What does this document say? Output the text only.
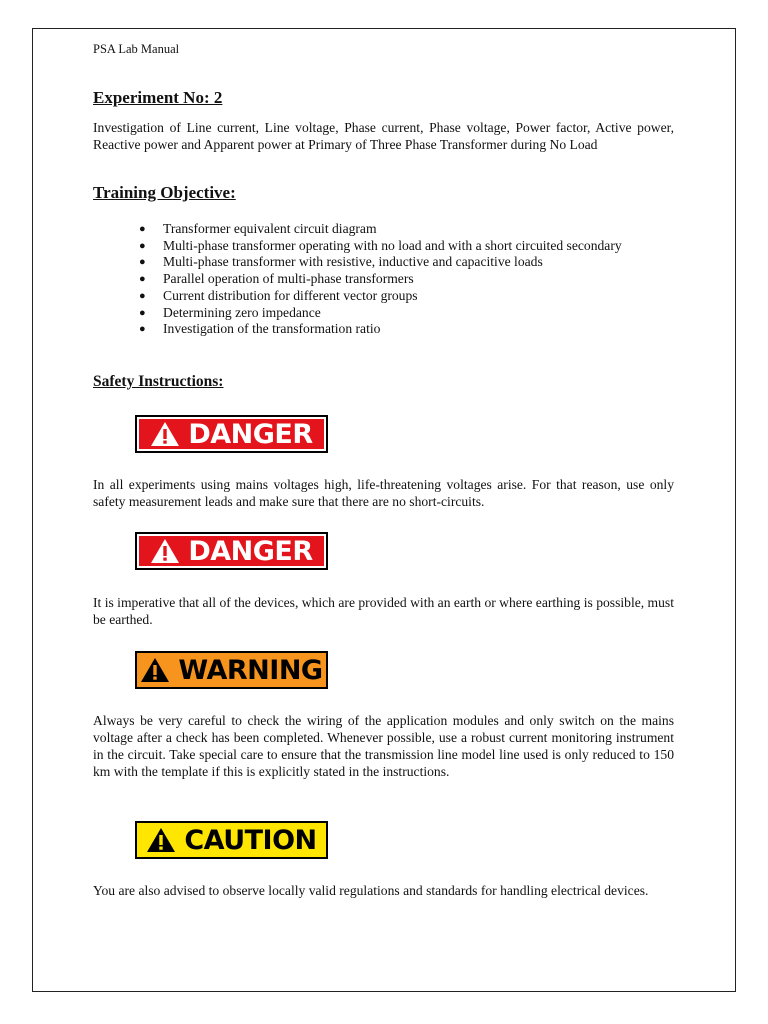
PSA Lab Manual
Experiment No: 2

Investigation of Line current, Line voltage, Phase current, Phase voltage, Power factor, Active power, Reactive power and Apparent power at Primary of Three Phase Transformer during No Load

Training Objective:
● Transformer equivalent circuit diagram
● Multi-phase transformer operating with no load and with a short circuited secondary
● Multi-phase transformer with resistive, inductive and capacitive loads
● Parallel operation of multi-phase transformers
● Current distribution for different vector groups
● Determining zero impedance
● Investigation of the transformation ratio
Safety Instructions:
DANGER

In all experiments using mains voltages high, life-threatening voltages arise. For that reason, use only safety measurement leads and make sure that there are no short-circuits.

DANGER

It is imperative that all of the devices, which are provided with an earth or where earthing is possible, must be earthed.

WARNING

Always be very careful to check the wiring of the application modules and only switch on the mains voltage after a check has been completed. Whenever possible, use a robust current monitoring instrument in the circuit. Take special care to ensure that the transmission line model line used is only reduced to 150 km with the template if this is explicitly stated in the instructions.

CAUTION

You are also advised to observe locally valid regulations and standards for handling electrical devices.
